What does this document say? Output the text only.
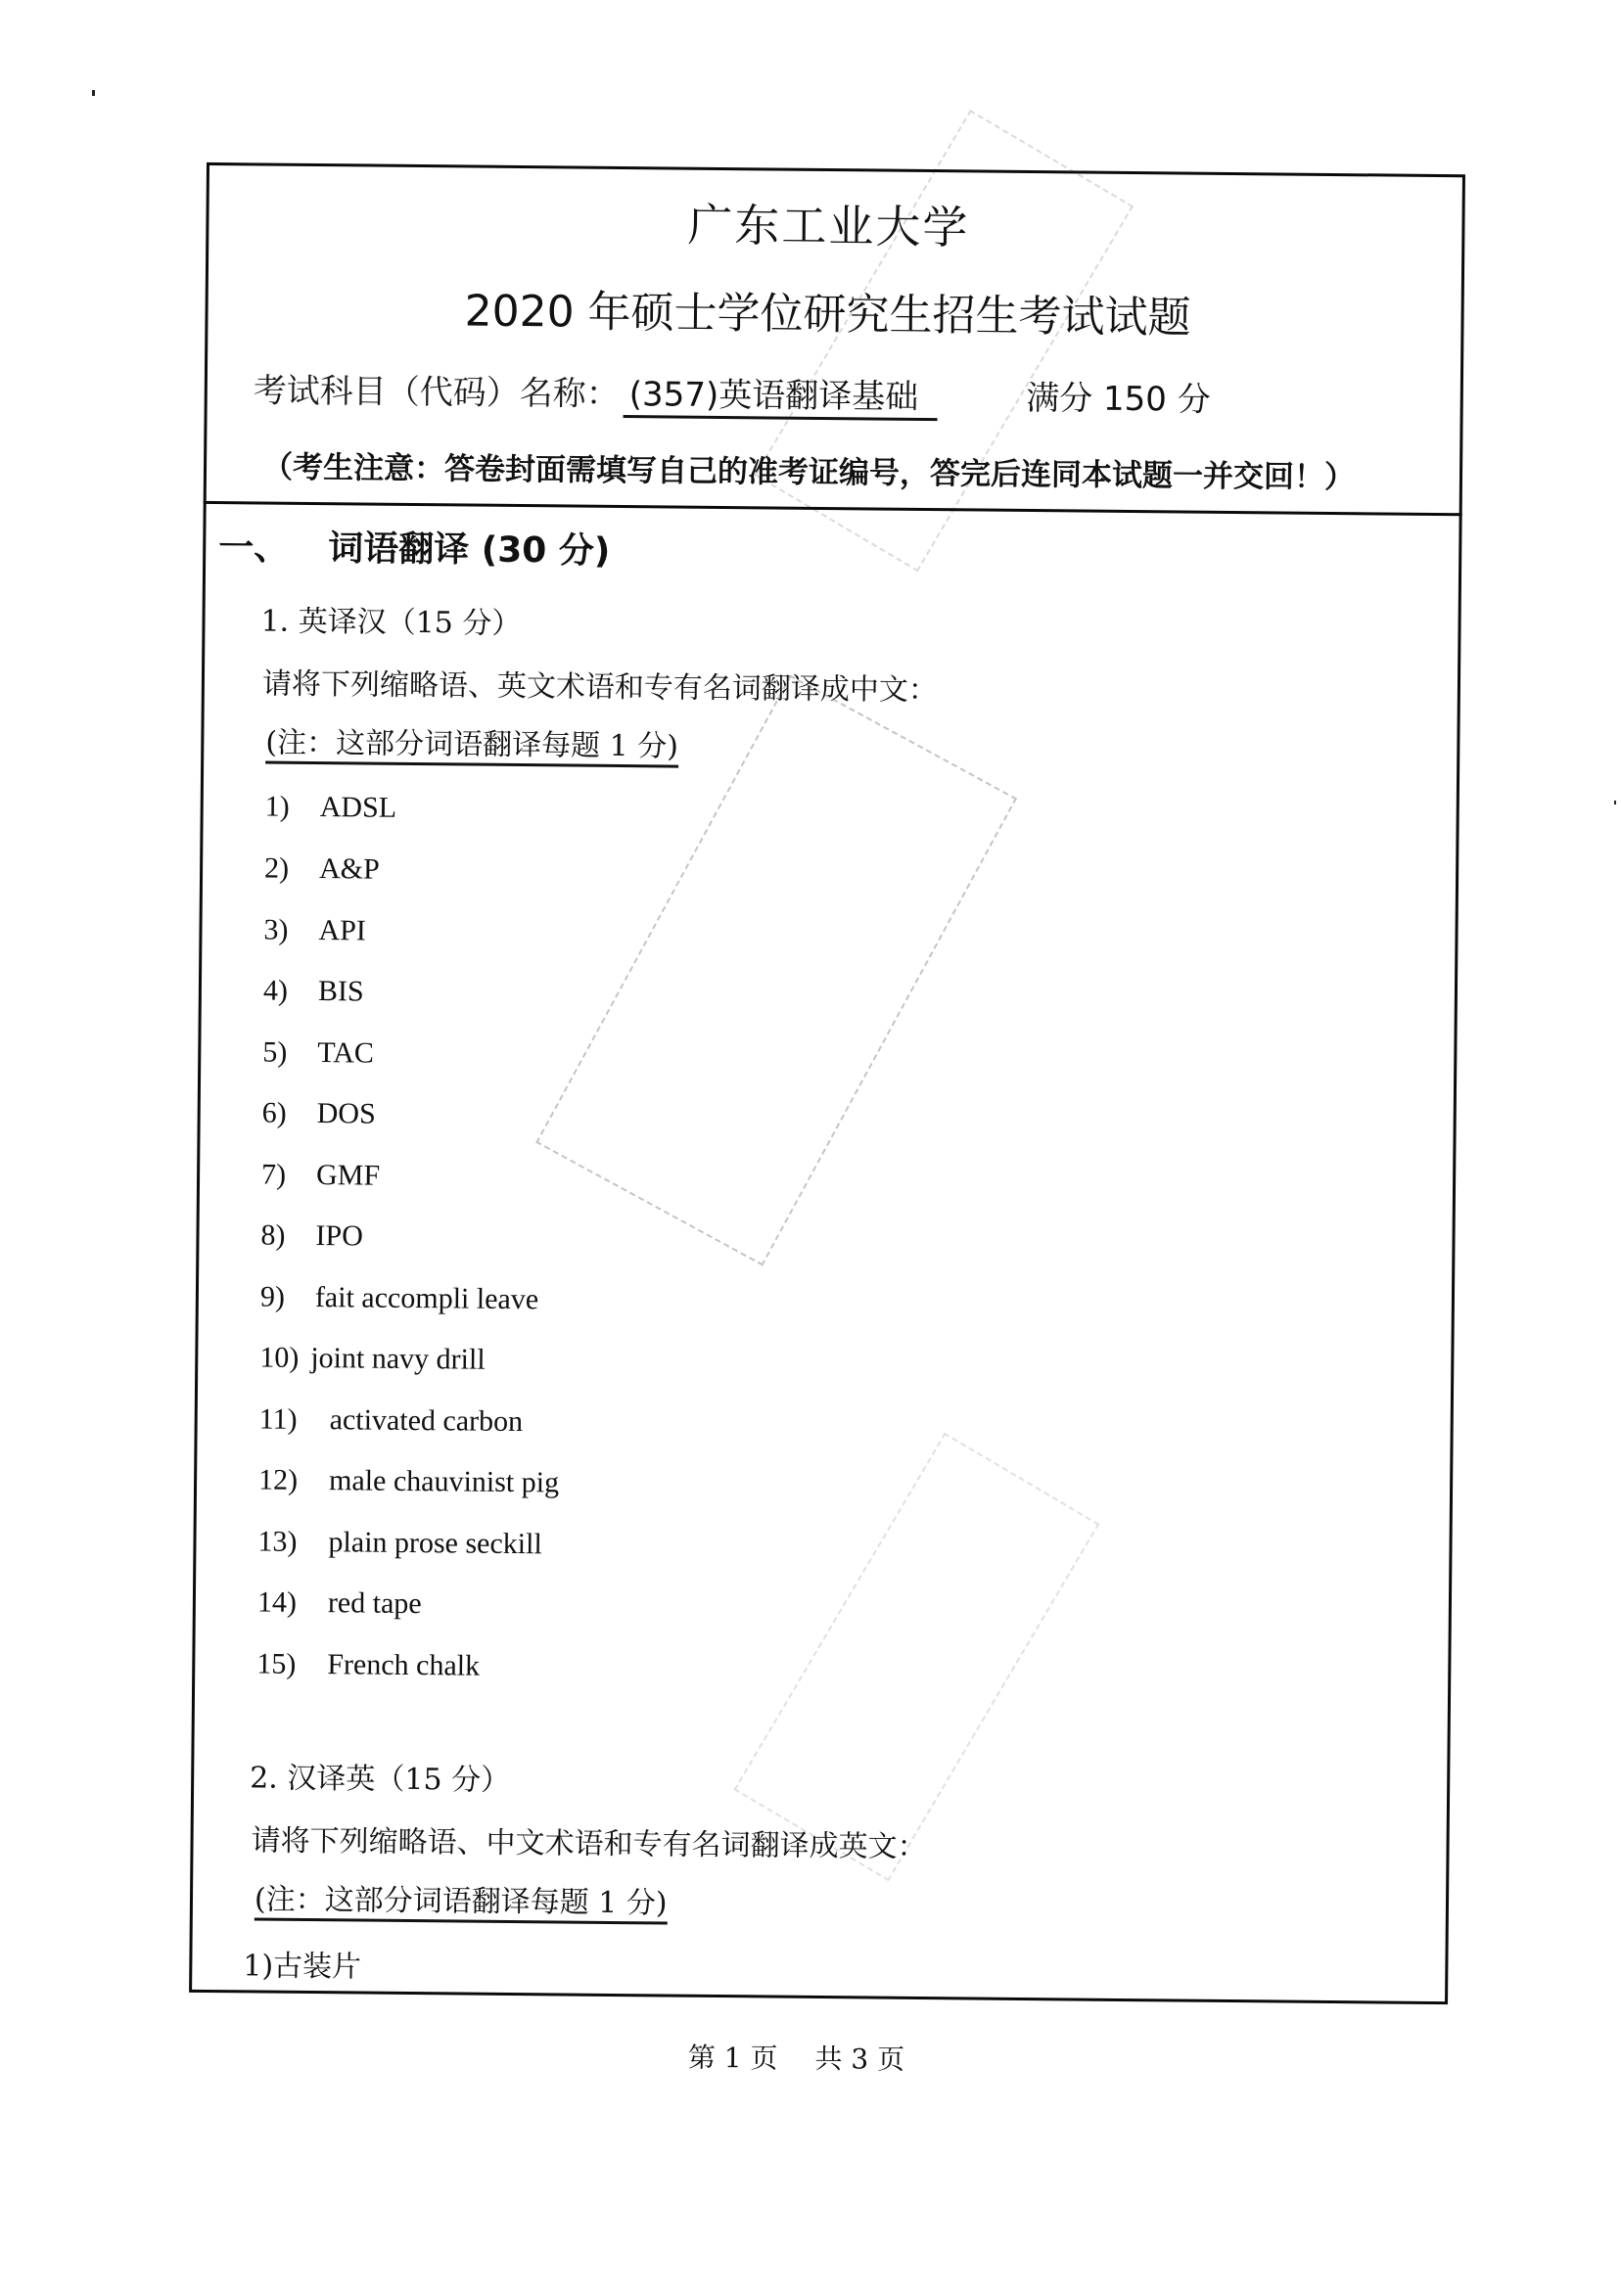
广东工业大学
2020 年硕士学位研究生招生考试试题
考试科目（代码）名称： (357)英语翻译基础	满分 150 分
（考生注意：答卷封面需填写自己的准考证编号，答完后连同本试题一并交回！）
一、 词语翻译 (30 分)
1. 英译汉（15 分）
请将下列缩略语、英文术语和专有名词翻译成中文：
(注：这部分词语翻译每题 1 分)
1) ADSL
2) A&P
3) API
4) BIS
5) TAC
6) DOS
7) GMF
8) IPO
9) fait accompli leave
10) joint navy drill
11) activated carbon
12) male chauvinist pig
13) plain prose seckill
14) red tape
15) French chalk
2. 汉译英（15 分）
请将下列缩略语、中文术语和专有名词翻译成英文：
(注：这部分词语翻译每题 1 分)
1)古装片
第 1 页 共 3 页
